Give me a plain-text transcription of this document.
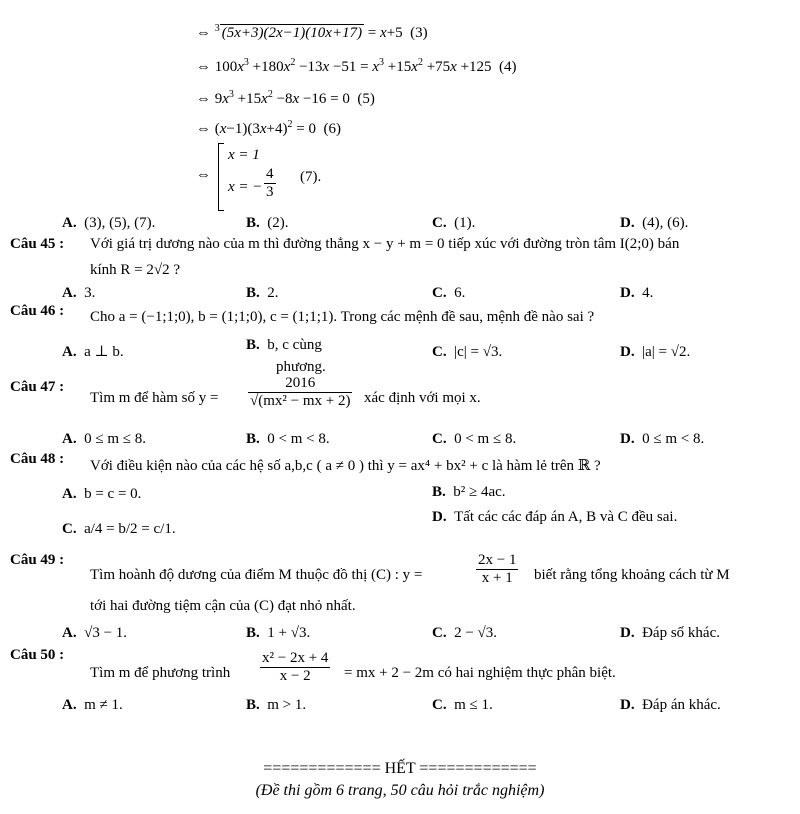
⇔ $^3$ (5x+3)(2x−1)(10x+17) = x+5  (3)
⇔ $100x^3 +180x^2 -13x -51 = x^3 +15x^2 +75x +125$  (4)
⇔ $9x^3 +15x^2 -8x -16 = 0$  (5)
⇔ $(x-1)(3x+4)^2 = 0$  (6)
⇔
x = 1
x = − $\frac{4}{3} (7)$.
A. (3), (5), (7).	B. (2).	C. (1).	D. (4), (6).
Câu 45 : Với giá trị dương nào của m thì đường thẳng x − y + m = 0 tiếp xúc với đường tròn tâm I(2;0) bán
kính R = 2√2 ?
A. 3.	B. 2.	C. 6.	D. 4.
Câu 46 : Cho a = (−1;1;0), b = (1;1;0), c = (1;1;1). Trong các mệnh đề sau, mệnh đề nào sai ?
A. a ⊥ b.	B. b, c cùng
phương.
C. |c| = √3.	D. |a| = √2.
Câu 47 :
Tìm m để hàm số $y = \frac{2016}{\text{√(mx² − mx + 2)}}$ xác định với mọi x.
A. 0 ≤ m ≤ 8.	B. 0 < m < 8.	C. 0 < m ≤ 8.	D. 0 ≤ m < 8.
Câu 48 : Với điều kiện nào của các hệ số a,b,c ( a ≠ 0 ) thì y = ax⁴ + bx² + c là hàm lẻ trên ℝ ?
A. b = c = 0.	B. b² ≥ 4ac.
C. a/4 = b/2 = c/1.
D. Tất các các đáp án A, B và C đều sai.
Câu 49 :
Tìm hoành độ dương của điểm M thuộc đồ thị (C) : y =	$\frac{2x - 1}{x + 1}$ biết rằng tổng khoảng cách từ M
tới hai đường tiệm cận của (C) đạt nhỏ nhất.
A. √3 − 1.	B. 1 + √3.	C. 2 − √3.	D. Đáp số khác.
Câu 50 :
Tìm m để phương trình $\frac{\text{x² − 2x + 4}}{x - 2}$ = mx + 2 − 2m có hai nghiệm thực phân biệt.
A. m ≠ 1.	B. m > 1.	C. m ≤ 1.	D. Đáp án khác.
============= HẾT =============
(Đề thi gồm 6 trang, 50 câu hỏi trắc nghiệm)
